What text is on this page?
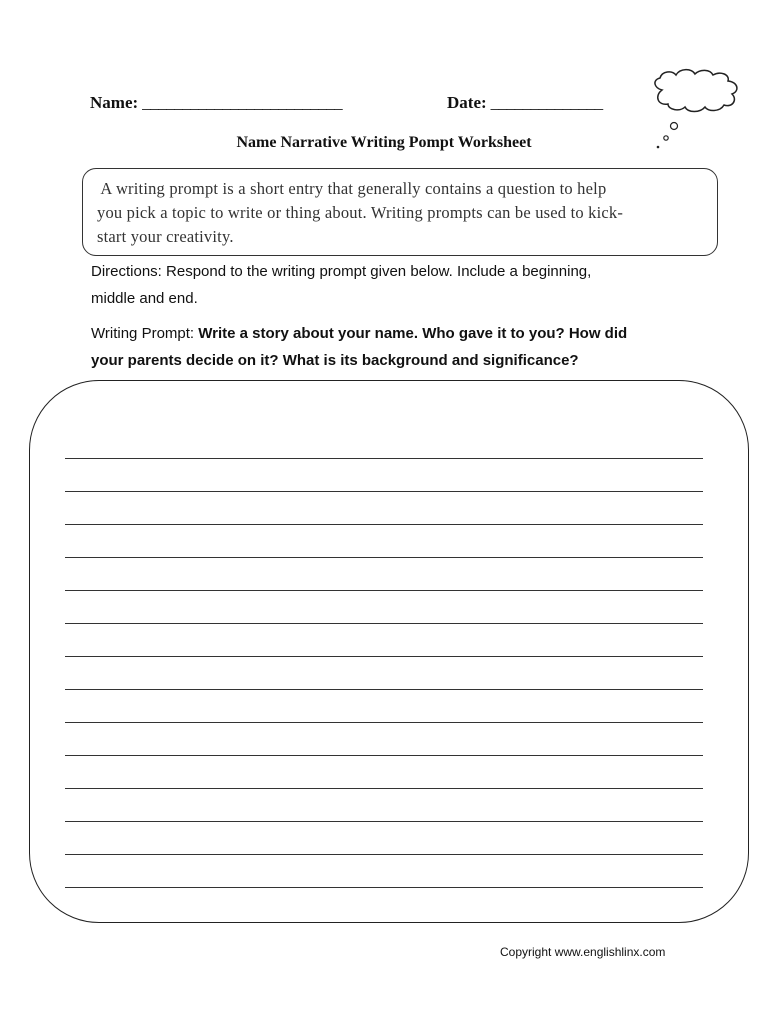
Name: _________________________	Date: ______________
Name Narrative Writing Pompt Worksheet
A writing prompt is a short entry that generally contains a question to help
you pick a topic to write or thing about. Writing prompts can be used to kick-
start your creativity.
Directions: Respond to the writing prompt given below. Include a beginning,
middle and end.
Writing Prompt: Write a story about your name. Who gave it to you? How did
your parents decide on it? What is its background and significance?
Copyright www.englishlinx.com
